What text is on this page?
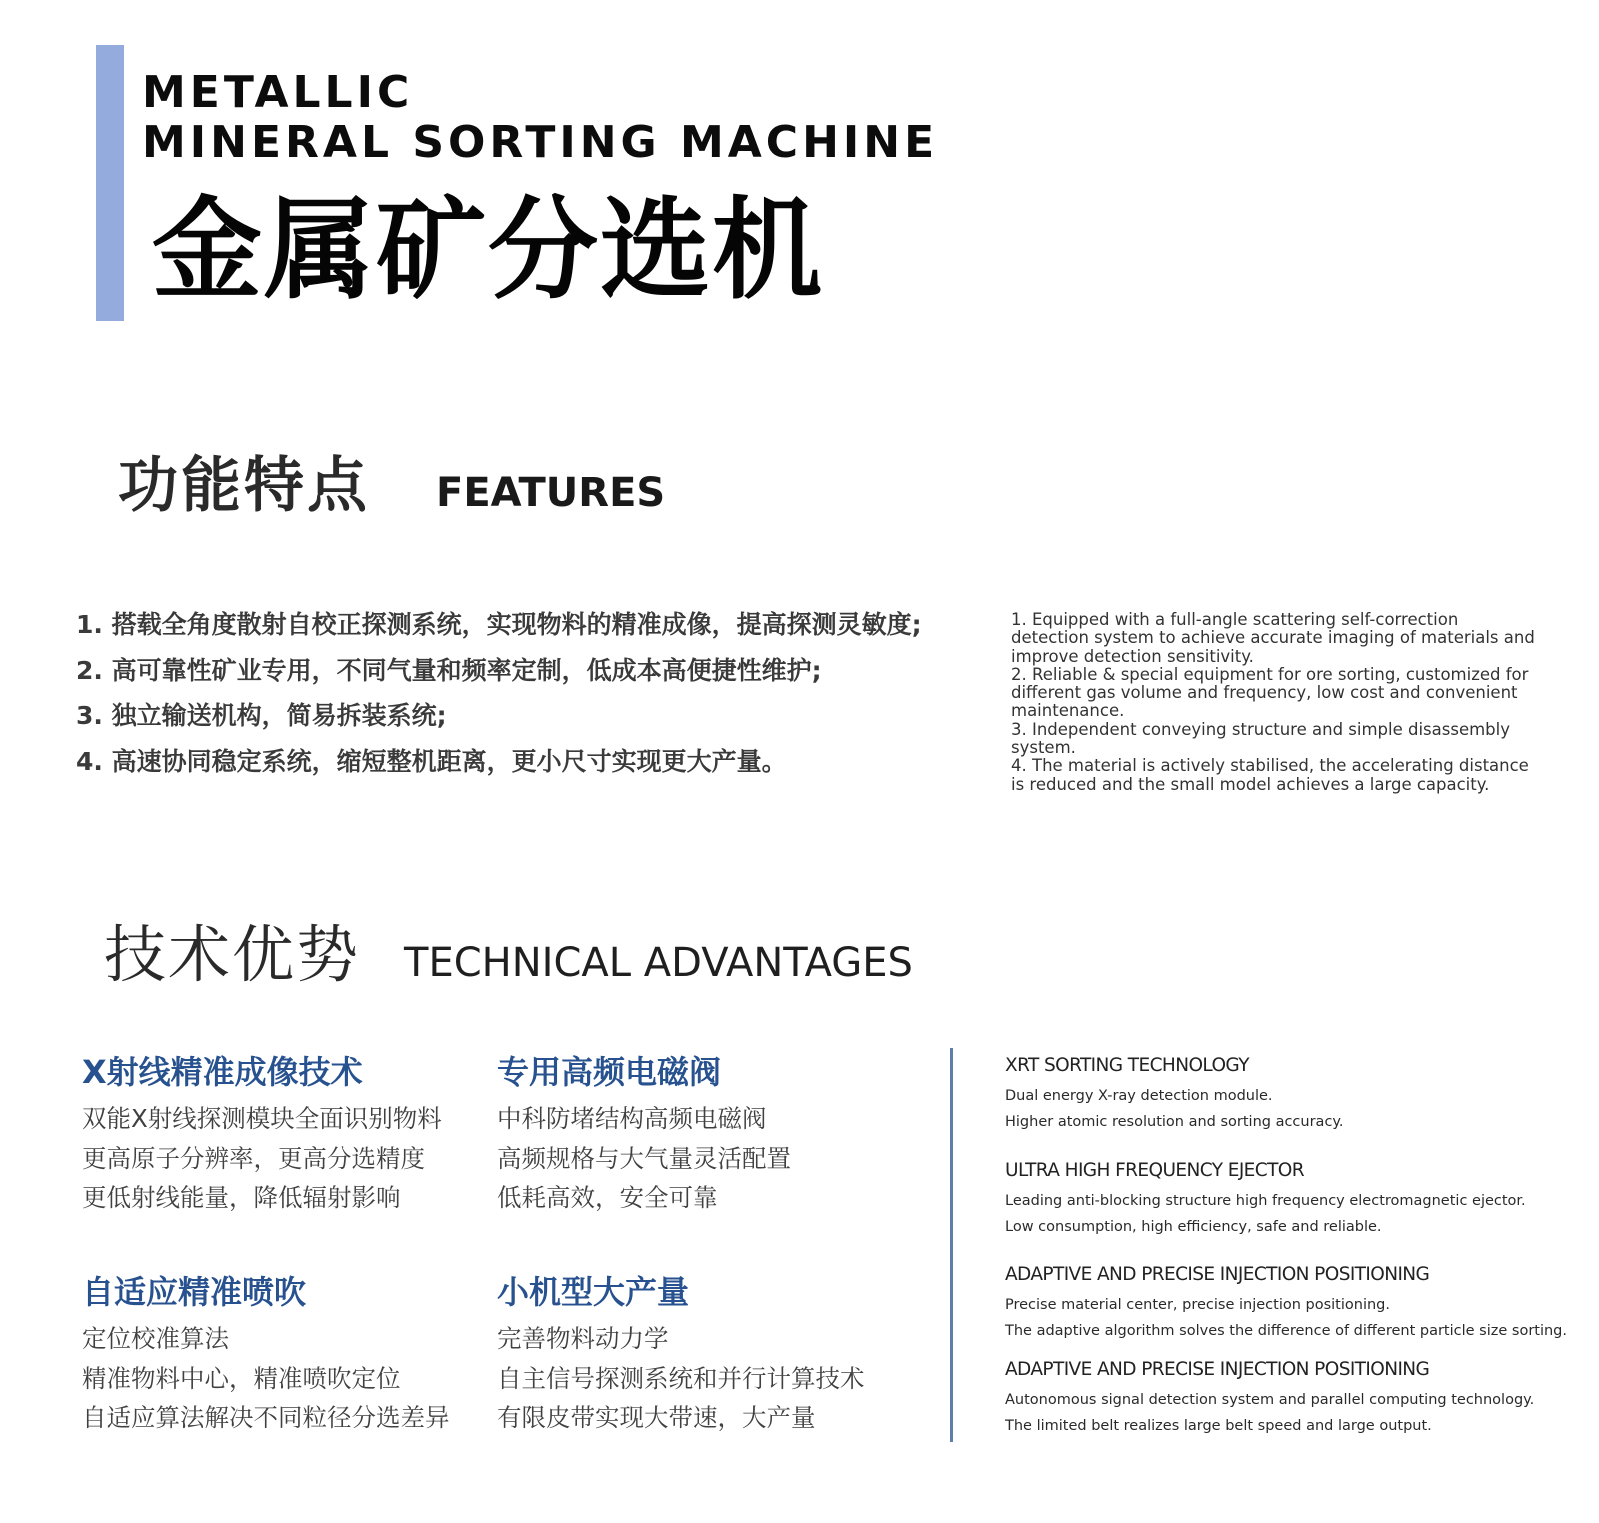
METALLIC
MINERAL SORTING MACHINE
金属矿分选机
功能特点 FEATURES
1. 搭载全角度散射自校正探测系统，实现物料的精准成像，提高探测灵敏度;
2. 高可靠性矿业专用，不同气量和频率定制，低成本高便捷性维护;
3. 独立输送机构，简易拆装系统;
4. 高速协同稳定系统，缩短整机距离，更小尺寸实现更大产量。

1. Equipped with a full-angle scattering self-correction detection system to achieve accurate imaging of materials and improve detection sensitivity.

2. Reliable & special equipment for ore sorting, customized for different gas volume and frequency, low cost and convenient maintenance.

3. Independent conveying structure and simple disassembly system.

4. The material is actively stabilised, the accelerating distance is reduced and the small model achieves a large capacity.

技术优势 TECHNICAL ADVANTAGES
X射线精准成像技术

双能X射线探测模块全面识别物料

更高原子分辨率，更高分选精度

更低射线能量，降低辐射影响

专用高频电磁阀

中科防堵结构高频电磁阀

高频规格与大气量灵活配置

低耗高效，安全可靠

自适应精准喷吹

定位校准算法

精准物料中心，精准喷吹定位

自适应算法解决不同粒径分选差异

小机型大产量

完善物料动力学

自主信号探测系统和并行计算技术

有限皮带实现大带速，大产量

XRT SORTING TECHNOLOGY

Dual energy X-ray detection module.

Higher atomic resolution and sorting accuracy.

ULTRA HIGH FREQUENCY EJECTOR

Leading anti-blocking structure high frequency electromagnetic ejector.

Low consumption, high efficiency, safe and reliable.

ADAPTIVE AND PRECISE INJECTION POSITIONING

Precise material center, precise injection positioning.

The adaptive algorithm solves the difference of different particle size sorting.

ADAPTIVE AND PRECISE INJECTION POSITIONING

Autonomous signal detection system and parallel computing technology.

The limited belt realizes large belt speed and large output.
